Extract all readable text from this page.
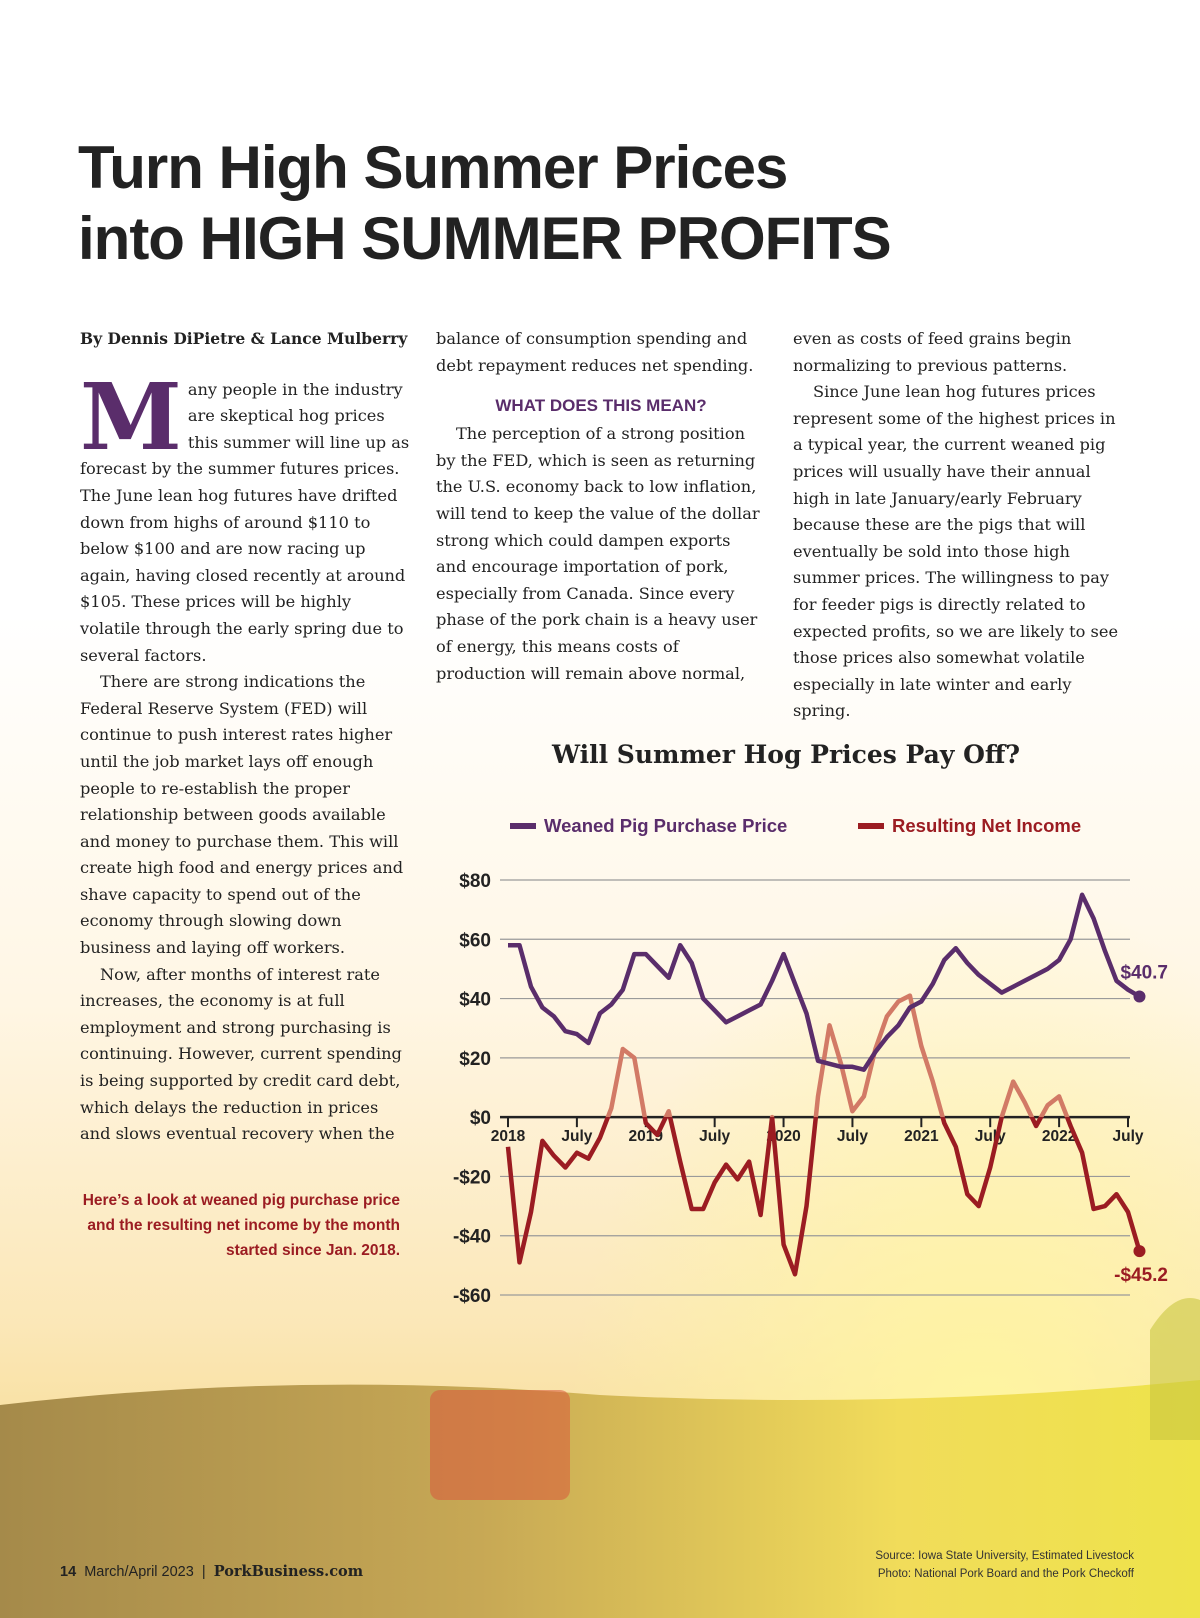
Turn High Summer Prices
into HIGH SUMMER PROFITS

By Dennis DiPietre & Lance Mulberry

Many people in the industry are skeptical hog prices this summer will line up as forecast by the summer futures prices. The June lean hog futures have drifted down from highs of around $110 to below $100 and are now racing up again, having closed recently at around $105. These prices will be highly volatile through the early spring due to several factors.

There are strong indications the Federal Reserve System (FED) will continue to push interest rates higher until the job market lays off enough people to re-establish the proper relationship between goods available and money to purchase them. This will create high food and energy prices and shave capacity to spend out of the economy through slowing down business and laying off workers.

Now, after months of interest rate increases, the economy is at full employment and strong purchasing is continuing. However, current spending is being supported by credit card debt, which delays the reduction in prices and slows eventual recovery when the

balance of consumption spending and debt repayment reduces net spending.

WHAT DOES THIS MEAN?

The perception of a strong position by the FED, which is seen as returning the U.S. economy back to low inflation, will tend to keep the value of the dollar strong which could dampen exports and encourage importation of pork, especially from Canada. Since every phase of the pork chain is a heavy user of energy, this means costs of production will remain above normal,

even as costs of feed grains begin normalizing to previous patterns.

Since June lean hog futures prices represent some of the highest prices in a typical year, the current weaned pig prices will usually have their annual high in late January/early February because these are the pigs that will eventually be sold into those high summer prices. The willingness to pay for feeder pigs is directly related to expected profits, so we are likely to see those prices also somewhat volatile especially in late winter and early spring.

Here’s a look at weaned pig purchase price and the resulting net income by the month started since Jan. 2018.
Will Summer Hog Prices Pay Off?
Weaned Pig Purchase Price	Resulting Net Income
$80
$60
$40
$20
$0
-$20
-$40
-$60
2018 July 2019 July 2020 July 2021 July 2022 July
$40.7
-$45.2
14 March/April 2023 | PorkBusiness.com
Source: Iowa State University, Estimated Livestock
Photo: National Pork Board and the Pork Checkoff
